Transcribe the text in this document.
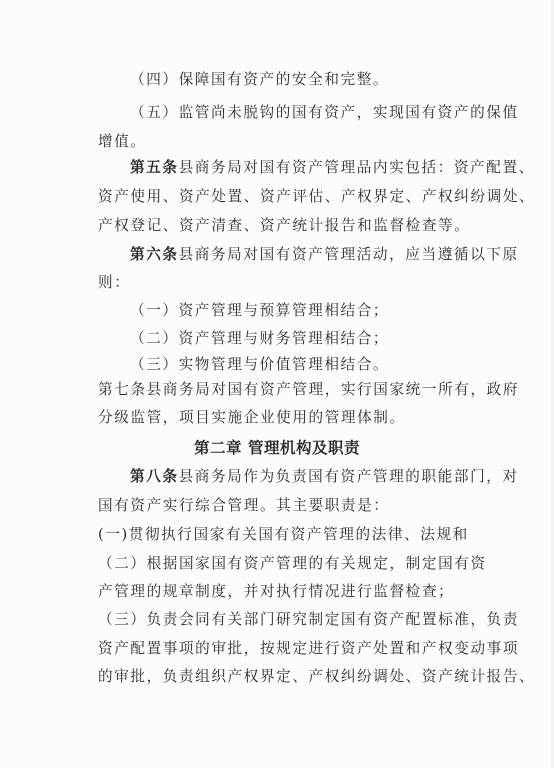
（四）保障国有资产的安全和完整。
（五）监管尚未脱钩的国有资产，实现国有资产的保值
增值。
第五条县商务局对国有资产管理品内实包括：资产配置、
资产使用、资产处置、资产评估、产权界定、产权纠纷调处、
产权登记、资产清查、资产统计报告和监督检查等。
第六条县商务局对国有资产管理活动，应当遵循以下原
则：
（一）资产管理与预算管理相结合；
（二）资产管理与财务管理相结合；
（三）实物管理与价值管理相结合。
第七条县商务局对国有资产管理，实行国家统一所有，政府
分级监管，项目实施企业使用的管理体制。
第二章 管理机构及职责
第八条县商务局作为负责国有资产管理的职能部门，对
国有资产实行综合管理。其主要职责是：
(一)贯彻执行国家有关国有资产管理的法律、法规和
（二）根据国家国有资产管理的有关规定，制定国有资
产管理的规章制度，并对执行情况进行监督检查；
（三）负责会同有关部门研究制定国有资产配置标准，负责
资产配置事项的审批，按规定进行资产处置和产权变动事项
的审批，负责组织产权界定、产权纠纷调处、资产统计报告、
